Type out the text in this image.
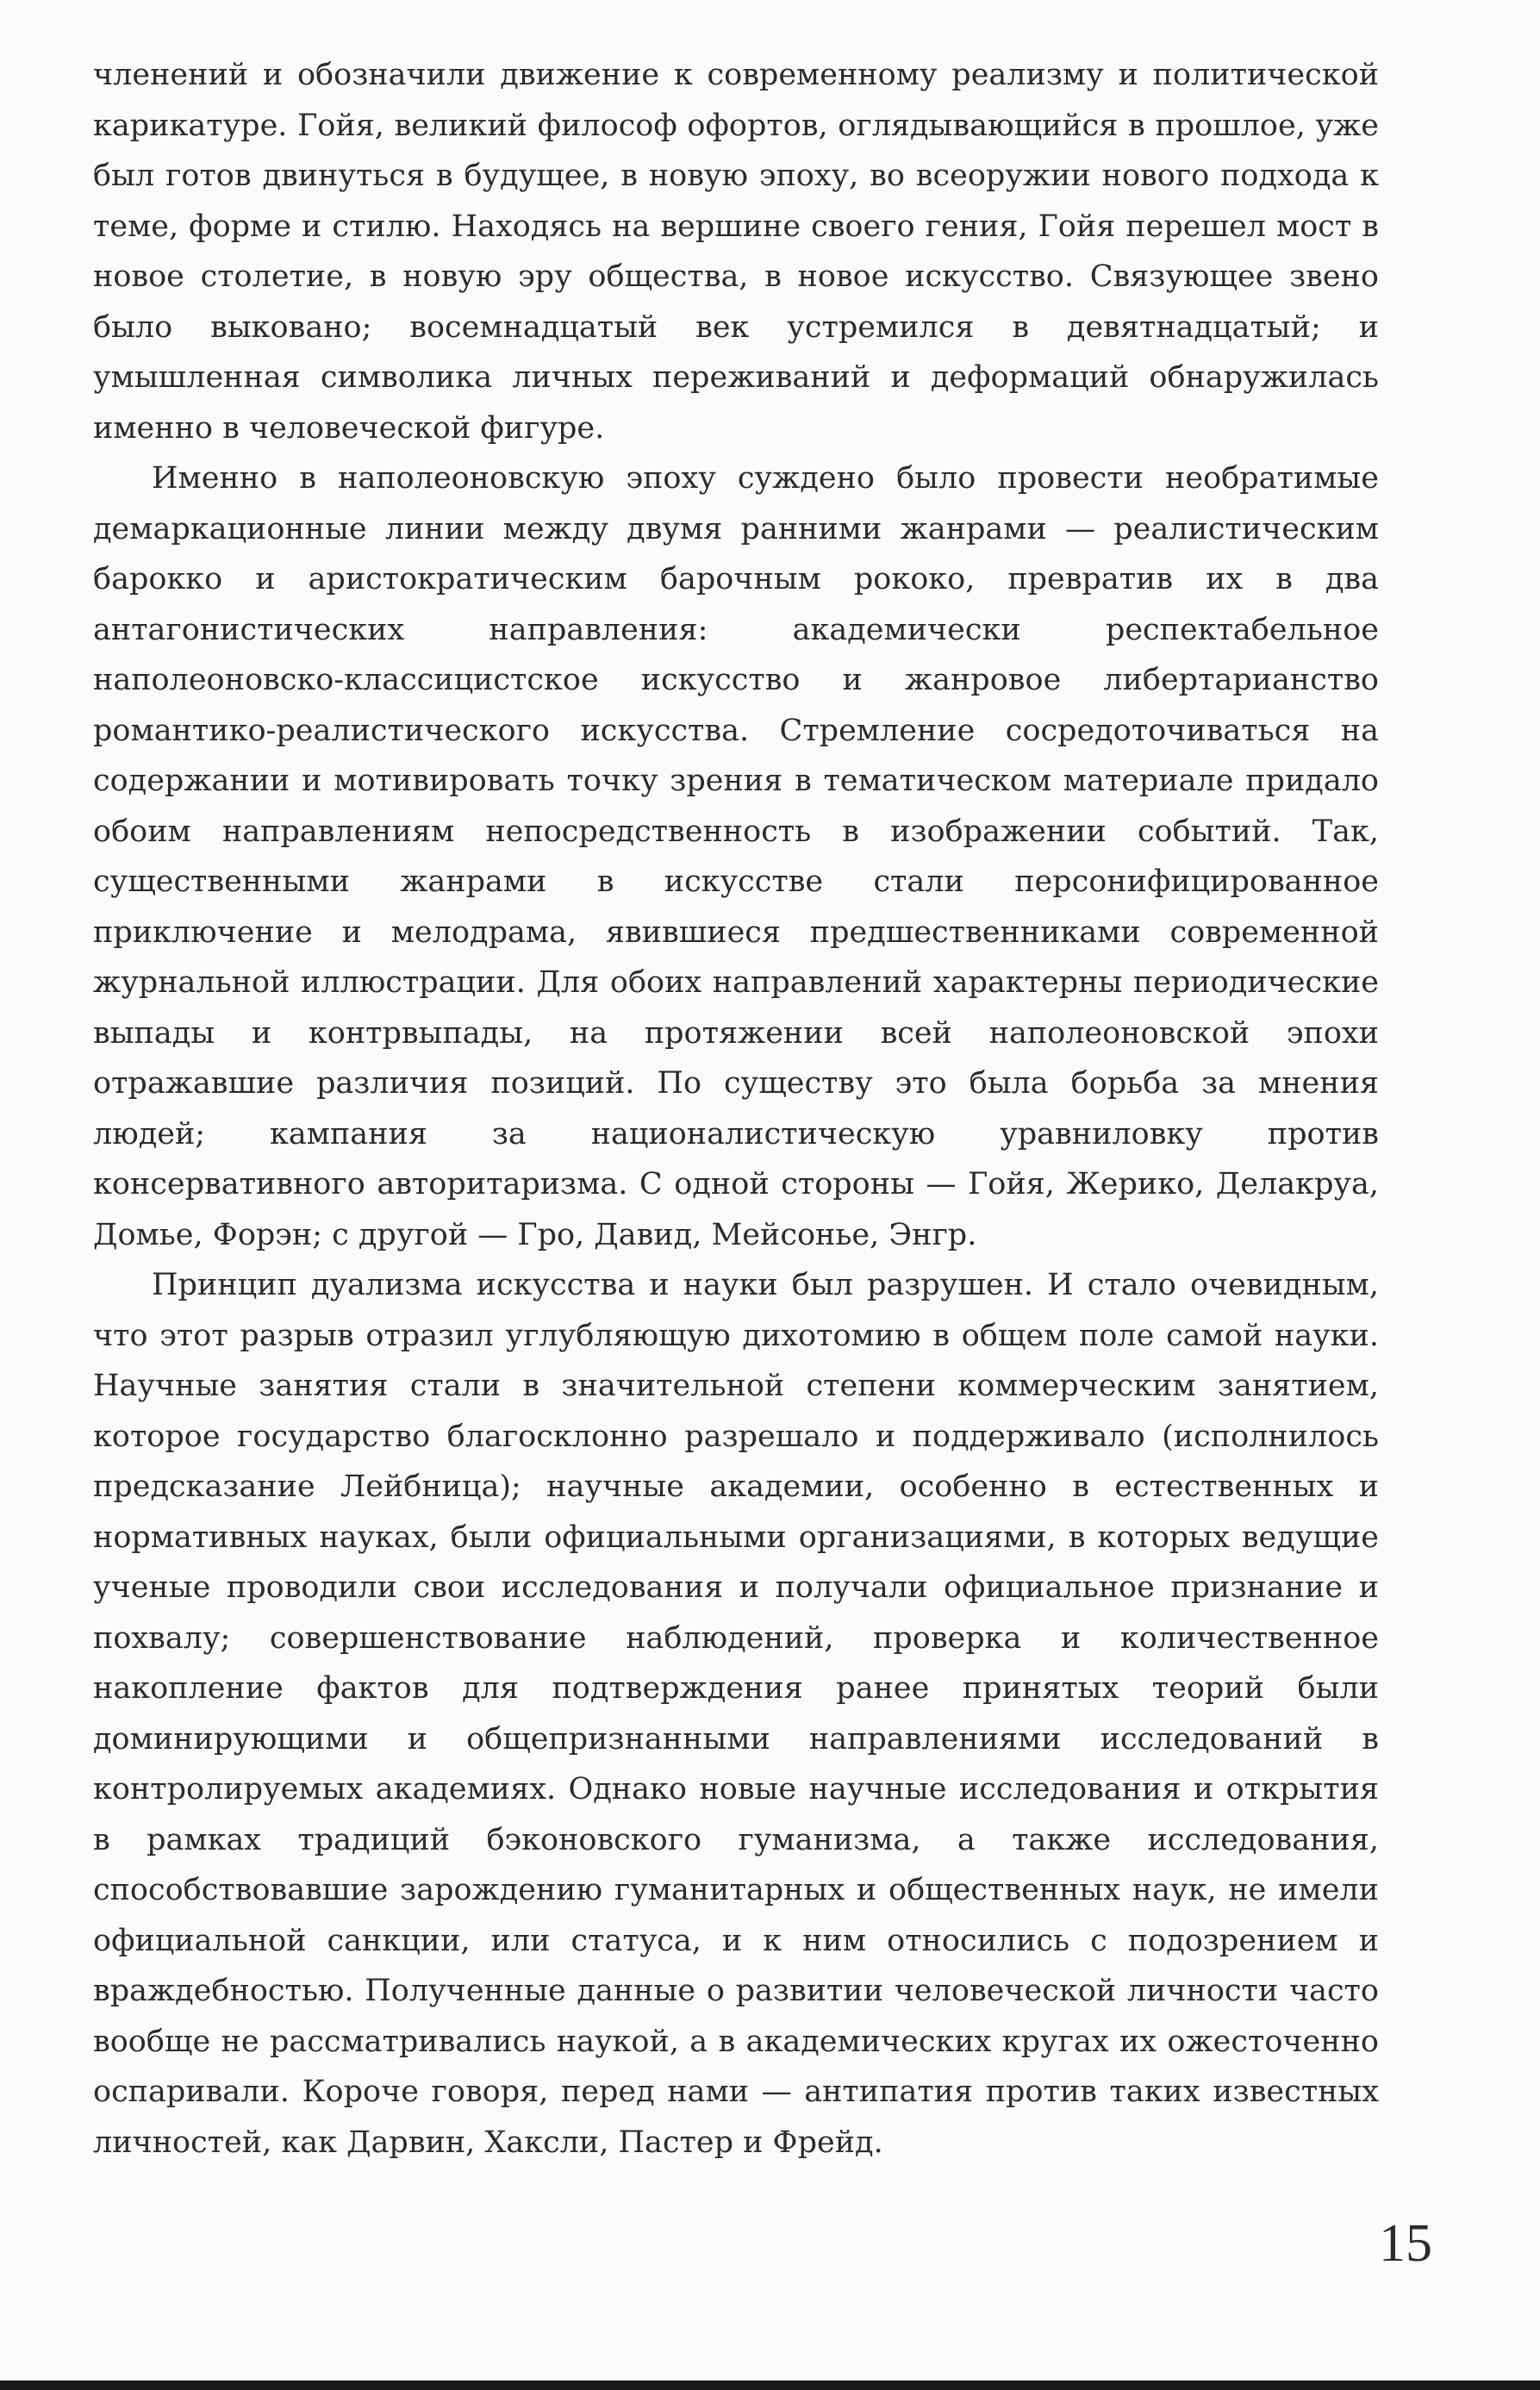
членений и обозначили движение к современному реализму и политической карикатуре. Гойя, великий философ офортов, оглядывающийся в прошлое, уже был готов двинуться в будущее, в новую эпоху, во всеоружии нового подхода к теме, форме и стилю. Находясь на вершине своего гения, Гойя перешел мост в новое столетие, в новую эру общества, в новое искусство. Связующее звено было выковано; восемнадцатый век устремился в девятнадцатый; и умышленная символика личных переживаний и деформаций обнаружилась именно в человеческой фигуре.

Именно в наполеоновскую эпоху суждено было провести необратимые демаркационные линии между двумя ранними жанрами — реалистическим барокко и аристократическим барочным рококо, превратив их в два антагонистических направления: академически респектабельное наполеоновско-классицистское искусство и жанровое либертарианство романтико-реалистического искусства. Стремление сосредоточиваться на содержании и мотивировать точку зрения в тематическом материале придало обоим направлениям непосредственность в изображении событий. Так, существенными жанрами в искусстве стали персонифицированное приключение и мелодрама, явившиеся предшественниками современной журнальной иллюстрации. Для обоих направлений характерны периодические выпады и контрвыпады, на протяжении всей наполеоновской эпохи отражавшие различия позиций. По существу это была борьба за мнения людей; кампания за националистическую уравниловку против консервативного авторитаризма. С одной стороны — Гойя, Жерико, Делакруа, Домье, Форэн; с другой — Гро, Давид, Мейсонье, Энгр.

Принцип дуализма искусства и науки был разрушен. И стало очевидным, что этот разрыв отразил углубляющую дихотомию в общем поле самой науки. Научные занятия стали в значительной степени коммерческим занятием, которое государство благосклонно разрешало и поддерживало (исполнилось предсказание Лейбница); научные академии, особенно в естественных и нормативных науках, были официальными организациями, в которых ведущие ученые проводили свои исследования и получали официальное признание и похвалу; совершенствование наблюдений, проверка и количественное накопление фактов для подтверждения ранее принятых теорий были доминирующими и общепризнанными направлениями исследований в контролируемых академиях. Однако новые научные исследования и открытия в рамках традиций бэконовского гуманизма, а также исследования, способствовавшие зарождению гуманитарных и общественных наук, не имели официальной санкции, или статуса, и к ним относились с подозрением и враждебностью. Полученные данные о развитии человеческой личности часто вообще не рассматривались наукой, а в академических кругах их ожесточенно оспаривали. Короче говоря, перед нами — антипатия против таких известных личностей, как Дарвин, Хаксли, Пастер и Фрейд.

15
